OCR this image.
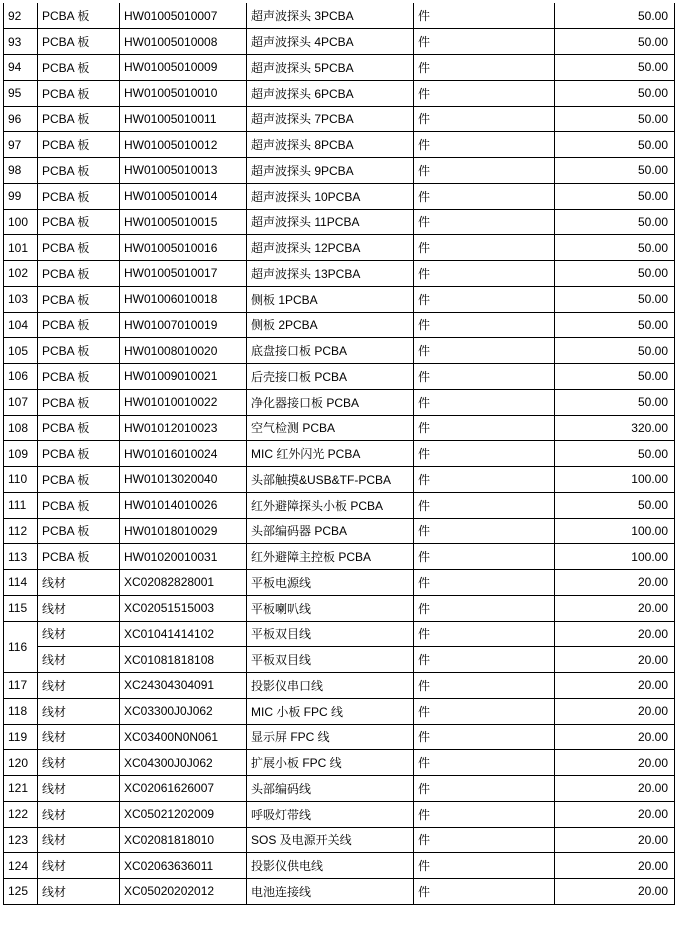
92	PCBA 板	HW01005010007	超声波探头 3PCBA	件	50.00	
93	PCBA 板	HW01005010008	超声波探头 4PCBA	件	50.00	
94	PCBA 板	HW01005010009	超声波探头 5PCBA	件	50.00	
95	PCBA 板	HW01005010010	超声波探头 6PCBA	件	50.00	
96	PCBA 板	HW01005010011	超声波探头 7PCBA	件	50.00	
97	PCBA 板	HW01005010012	超声波探头 8PCBA	件	50.00	
98	PCBA 板	HW01005010013	超声波探头 9PCBA	件	50.00	
99	PCBA 板	HW01005010014	超声波探头 10PCBA	件	50.00	
100	PCBA 板	HW01005010015	超声波探头 11PCBA	件	50.00	
101	PCBA 板	HW01005010016	超声波探头 12PCBA	件	50.00	
102	PCBA 板	HW01005010017	超声波探头 13PCBA	件	50.00	
103	PCBA 板	HW01006010018	侧板 1PCBA	件	50.00	
104	PCBA 板	HW01007010019	侧板 2PCBA	件	50.00	
105	PCBA 板	HW01008010020	底盘接口板 PCBA	件	50.00	
106	PCBA 板	HW01009010021	后壳接口板 PCBA	件	50.00	
107	PCBA 板	HW01010010022	净化器接口板 PCBA	件	50.00	
108	PCBA 板	HW01012010023	空气检测 PCBA	件	320.00	
109	PCBA 板	HW01016010024	MIC 红外闪光 PCBA	件	50.00	
110	PCBA 板	HW01013020040	头部触摸&USB&TF-PCBA	件	100.00	
111	PCBA 板	HW01014010026	红外避障探头小板 PCBA	件	50.00	
112	PCBA 板	HW01018010029	头部编码器 PCBA	件	100.00	
113	PCBA 板	HW01020010031	红外避障主控板 PCBA	件	100.00	
114	线材	XC02082828001	平板电源线	件	20.00	
115	线材	XC02051515003	平板喇叭线	件	20.00	
116	线材	XC01041414102	平板双目线	件	20.00	
	线材	XC01081818108	平板双目线	件	20.00	
117	线材	XC24304304091	投影仪串口线	件	20.00	
118	线材	XC03300J0J062	MIC 小板 FPC 线	件	20.00	
119	线材	XC03400N0N061	显示屏 FPC 线	件	20.00	
120	线材	XC04300J0J062	扩展小板 FPC 线	件	20.00	
121	线材	XC02061626007	头部编码线	件	20.00	
122	线材	XC05021202009	呼吸灯带线	件	20.00	
123	线材	XC02081818010	SOS 及电源开关线	件	20.00	
124	线材	XC02063636011	投影仪供电线	件	20.00	
125	线材	XC05020202012	电池连接线	件	20.00	
